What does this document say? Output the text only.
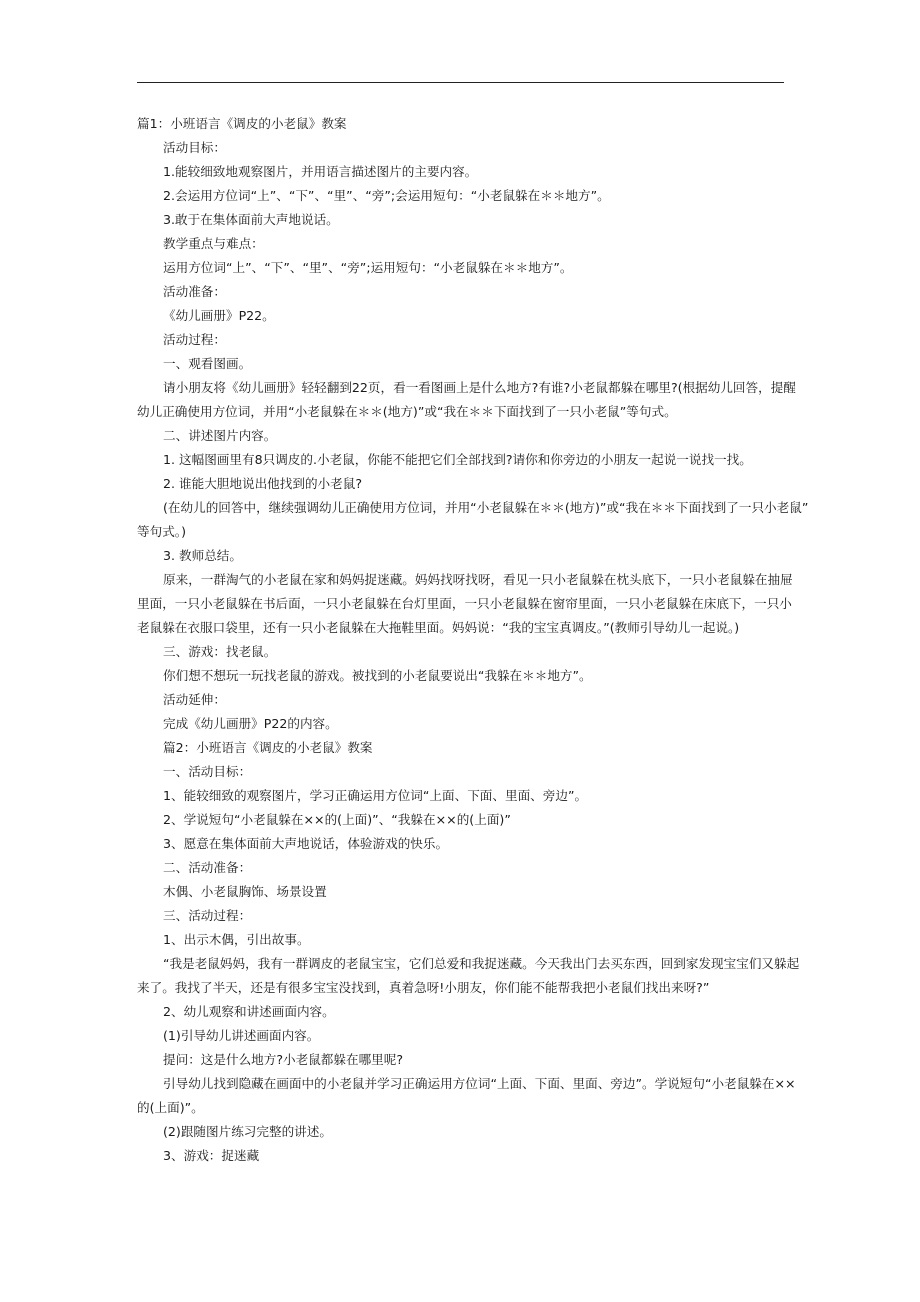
篇1：小班语言《调皮的小老鼠》教案

活动目标：

1.能较细致地观察图片，并用语言描述图片的主要内容。

2.会运用方位词“上”、“下”、“里”、“旁”;会运用短句：“小老鼠躲在＊＊地方”。

3.敢于在集体面前大声地说话。

教学重点与难点：

运用方位词“上”、“下”、“里”、“旁”;运用短句：“小老鼠躲在＊＊地方”。

活动准备：

《幼儿画册》P22。

活动过程：

一、观看图画。

请小朋友将《幼儿画册》轻轻翻到22页，看一看图画上是什么地方?有谁?小老鼠都躲在哪里?(根据幼儿回答，提醒

幼儿正确使用方位词，并用“小老鼠躲在＊＊(地方)”或“我在＊＊下面找到了一只小老鼠”等句式。

二、讲述图片内容。

1. 这幅图画里有8只调皮的.小老鼠，你能不能把它们全部找到?请你和你旁边的小朋友一起说一说找一找。

2. 谁能大胆地说出他找到的小老鼠?

(在幼儿的回答中，继续强调幼儿正确使用方位词，并用“小老鼠躲在＊＊(地方)”或“我在＊＊下面找到了一只小老鼠”

等句式。)

3. 教师总结。

原来，一群淘气的小老鼠在家和妈妈捉迷藏。妈妈找呀找呀，看见一只小老鼠躲在枕头底下，一只小老鼠躲在抽屉

里面，一只小老鼠躲在书后面，一只小老鼠躲在台灯里面，一只小老鼠躲在窗帘里面，一只小老鼠躲在床底下，一只小

老鼠躲在衣服口袋里，还有一只小老鼠躲在大拖鞋里面。妈妈说：“我的宝宝真调皮。”(教师引导幼儿一起说。)

三、游戏：找老鼠。

你们想不想玩一玩找老鼠的游戏。被找到的小老鼠要说出“我躲在＊＊地方”。

活动延伸：

完成《幼儿画册》P22的内容。

篇2：小班语言《调皮的小老鼠》教案

一、活动目标：

1、能较细致的观察图片，学习正确运用方位词“上面、下面、里面、旁边”。

2、学说短句“小老鼠躲在××的(上面)”、“我躲在××的(上面)”

3、愿意在集体面前大声地说话，体验游戏的快乐。

二、活动准备：

木偶、小老鼠胸饰、场景设置

三、活动过程：

1、出示木偶，引出故事。

“我是老鼠妈妈，我有一群调皮的老鼠宝宝，它们总爱和我捉迷藏。今天我出门去买东西，回到家发现宝宝们又躲起

来了。我找了半天，还是有很多宝宝没找到，真着急呀!小朋友，你们能不能帮我把小老鼠们找出来呀?”

2、幼儿观察和讲述画面内容。

(1)引导幼儿讲述画面内容。

提问：这是什么地方?小老鼠都躲在哪里呢?

引导幼儿找到隐藏在画面中的小老鼠并学习正确运用方位词“上面、下面、里面、旁边”。学说短句“小老鼠躲在××

的(上面)”。

(2)跟随图片练习完整的讲述。

3、游戏：捉迷藏
